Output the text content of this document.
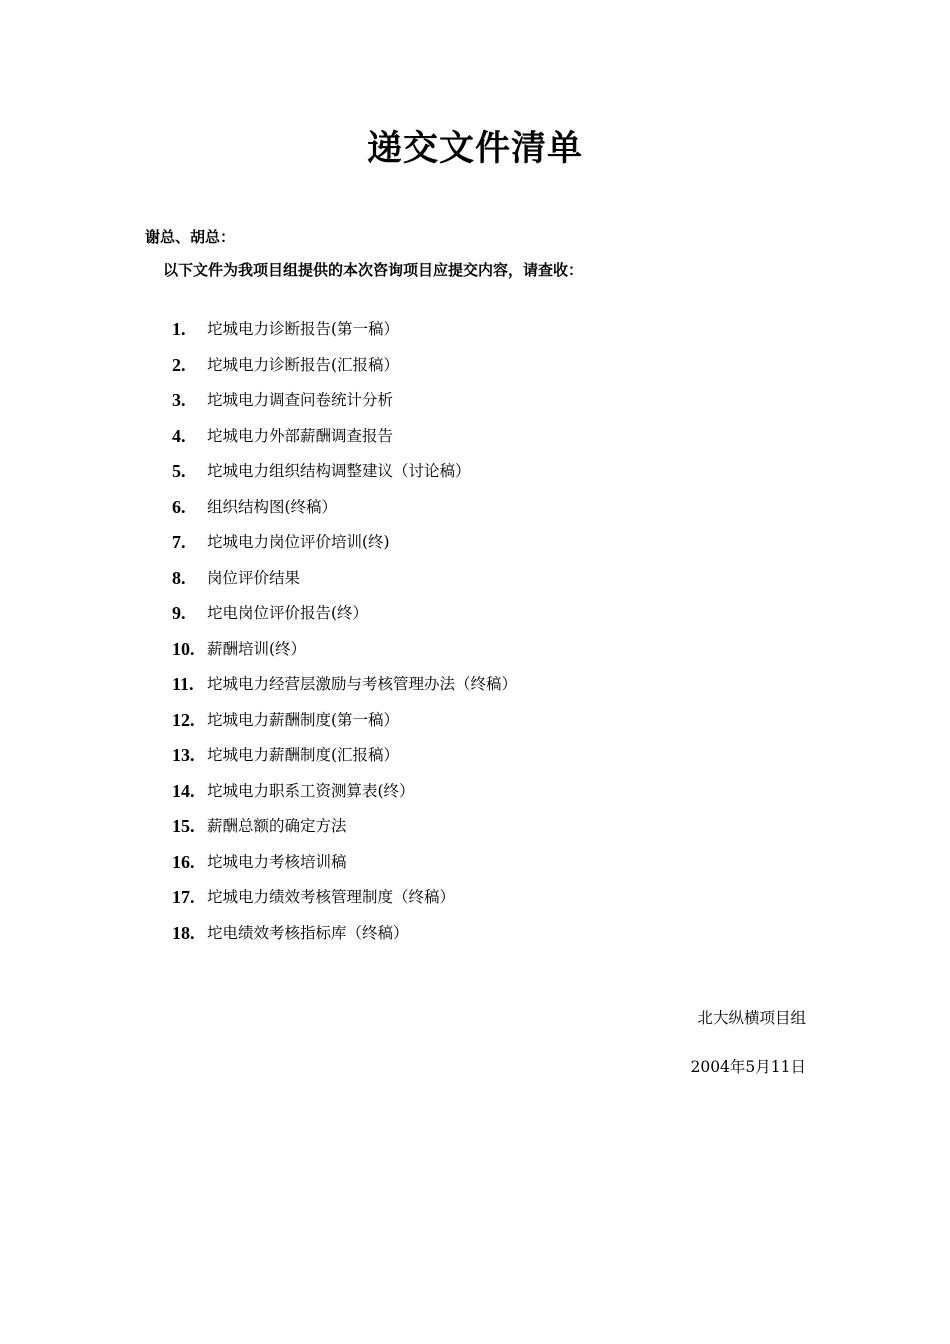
递交文件清单
谢总、胡总：
以下文件为我项目组提供的本次咨询项目应提交内容，请查收：
1. 坨城电力诊断报告(第一稿）
2. 坨城电力诊断报告(汇报稿）
3. 坨城电力调查问卷统计分析
4. 坨城电力外部薪酬调查报告
5. 坨城电力组织结构调整建议（讨论稿）
6. 组织结构图(终稿）
7. 坨城电力岗位评价培训(终)
8. 岗位评价结果
9. 坨电岗位评价报告(终）
10. 薪酬培训(终）
11. 坨城电力经营层激励与考核管理办法（终稿）
12. 坨城电力薪酬制度(第一稿）
13. 坨城电力薪酬制度(汇报稿）
14. 坨城电力职系工资测算表(终）
15. 薪酬总额的确定方法
16. 坨城电力考核培训稿
17. 坨城电力绩效考核管理制度（终稿）
18. 坨电绩效考核指标库（终稿）
北大纵横项目组
2004年5月11日
